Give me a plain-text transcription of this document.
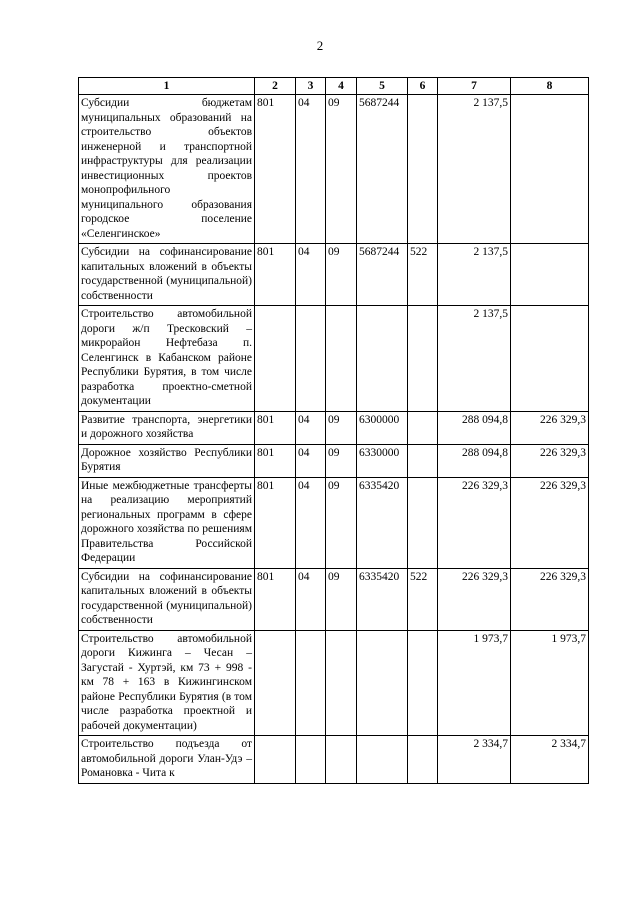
2
1	2	3	4	5	6	7	8
Субсидии бюджетам муниципальных образований на строительство объектов инженерной и транспортной инфраструктуры для реализации инвестиционных проектов монопрофильного муниципального образования городское поселение «Селенгинское»	801	04	09	5687244		2 137,5	
Субсидии на софинансирование капитальных вложений в объекты государственной (муниципальной) собственности	801	04	09	5687244	522	2 137,5	
Строительство автомобильной дороги ж/п Тресковский – микрорайон Нефтебаза п. Селенгинск в Кабанском районе Республики Бурятия, в том числе разработка проектно-сметной документации						2 137,5	
Развитие транспорта, энергетики и дорожного хозяйства	801	04	09	6300000		288 094,8	226 329,3
Дорожное хозяйство Республики Бурятия	801	04	09	6330000		288 094,8	226 329,3
Иные межбюджетные трансферты на реализацию мероприятий региональных программ в сфере дорожного хозяйства по решениям Правительства Российской Федерации	801	04	09	6335420		226 329,3	226 329,3
Субсидии на софинансирование капитальных вложений в объекты государственной (муниципальной) собственности	801	04	09	6335420	522	226 329,3	226 329,3
Строительство автомобильной дороги Кижинга – Чесан – Загустай - Хуртэй, км 73 + 998 - км 78 + 163 в Кижингинском районе Республики Бурятия (в том числе разработка проектной и рабочей документации)						1 973,7	1 973,7
Строительство подъезда от автомобильной дороги Улан-Удэ – Романовка - Чита к						2 334,7	2 334,7
